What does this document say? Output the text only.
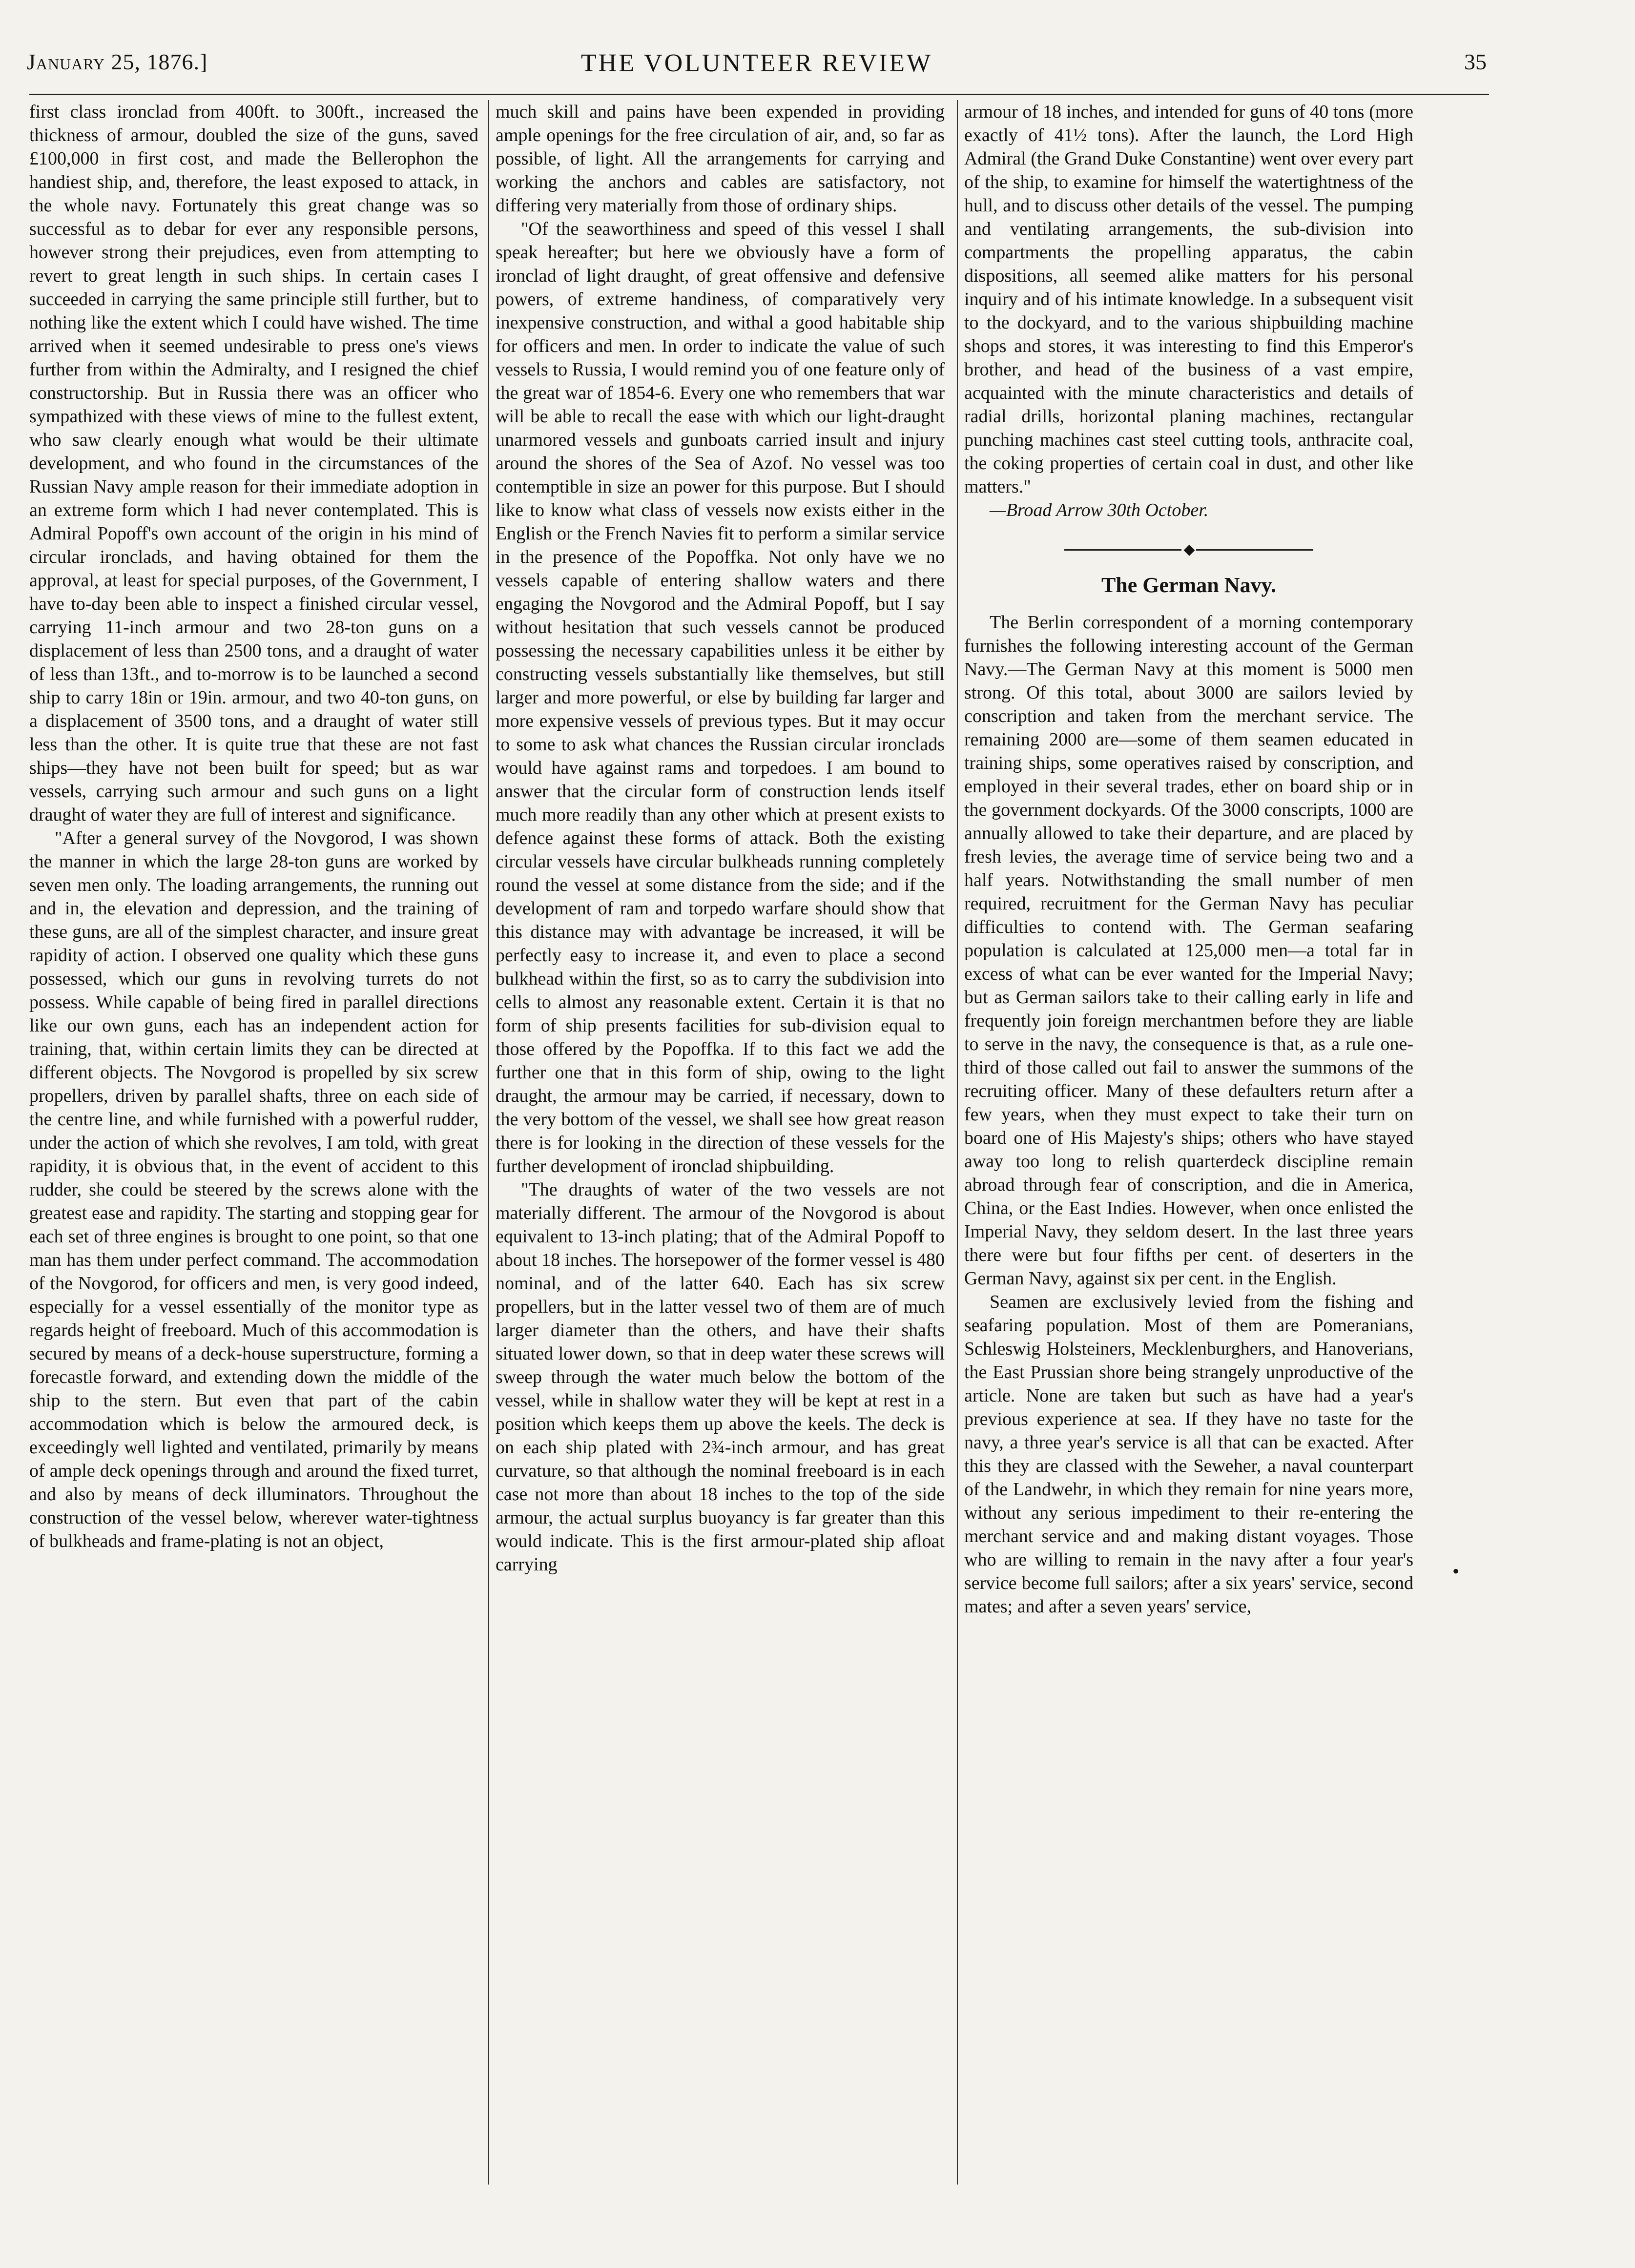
January 25, 1876.]	THE VOLUNTEER REVIEW	35

first class ironclad from 400ft. to 300ft., increased the thickness of armour, doubled the size of the guns, saved £100,000 in first cost, and made the Bellerophon the handiest ship, and, therefore, the least exposed to attack, in the whole navy. Fortunately this great change was so successful as to debar for ever any responsible persons, however strong their prejudices, even from attempting to revert to great length in such ships. In certain cases I succeeded in carrying the same principle still further, but to nothing like the extent which I could have wished. The time arrived when it seemed undesirable to press one's views further from within the Admiralty, and I resigned the chief constructorship. But in Russia there was an officer who sympathized with these views of mine to the fullest extent, who saw clearly enough what would be their ultimate development, and who found in the circumstances of the Russian Navy ample reason for their immediate adoption in an extreme form which I had never contemplated. This is Admiral Popoff's own account of the origin in his mind of circular ironclads, and having obtained for them the approval, at least for special purposes, of the Government, I have to-day been able to inspect a finished circular vessel, carrying 11-inch armour and two 28-ton guns on a displacement of less than 2500 tons, and a draught of water of less than 13ft., and to-morrow is to be launched a second ship to carry 18in or 19in. armour, and two 40-ton guns, on a displacement of 3500 tons, and a draught of water still less than the other. It is quite true that these are not fast ships—they have not been built for speed; but as war vessels, carrying such armour and such guns on a light draught of water they are full of interest and significance.

"After a general survey of the Novgorod, I was shown the manner in which the large 28-ton guns are worked by seven men only. The loading arrangements, the running out and in, the elevation and depression, and the training of these guns, are all of the simplest character, and insure great rapidity of action. I observed one quality which these guns possessed, which our guns in revolving turrets do not possess. While capable of being fired in parallel directions like our own guns, each has an independent action for training, that, within certain limits they can be directed at different objects. The Novgorod is propelled by six screw propellers, driven by parallel shafts, three on each side of the centre line, and while furnished with a powerful rudder, under the action of which she revolves, I am told, with great rapidity, it is obvious that, in the event of accident to this rudder, she could be steered by the screws alone with the greatest ease and rapidity. The starting and stopping gear for each set of three engines is brought to one point, so that one man has them under perfect command. The accommodation of the Novgorod, for officers and men, is very good indeed, especially for a vessel essentially of the monitor type as regards height of freeboard. Much of this accommodation is secured by means of a deck-house superstructure, forming a forecastle forward, and extending down the middle of the ship to the stern. But even that part of the cabin accommodation which is below the armoured deck, is exceedingly well lighted and ventilated, primarily by means of ample deck openings through and around the fixed turret, and also by means of deck illuminators. Throughout the construction of the vessel below, wherever water-tightness of bulkheads and frame-plating is not an object,

much skill and pains have been expended in providing ample openings for the free circulation of air, and, so far as possible, of light. All the arrangements for carrying and working the anchors and cables are satisfactory, not differing very materially from those of ordinary ships.

"Of the seaworthiness and speed of this vessel I shall speak hereafter; but here we obviously have a form of ironclad of light draught, of great offensive and defensive powers, of extreme handiness, of comparatively very inexpensive construction, and withal a good habitable ship for officers and men. In order to indicate the value of such vessels to Russia, I would remind you of one feature only of the great war of 1854-6. Every one who remembers that war will be able to recall the ease with which our light-draught unarmored vessels and gunboats carried insult and injury around the shores of the Sea of Azof. No vessel was too contemptible in size an power for this purpose. But I should like to know what class of vessels now exists either in the English or the French Navies fit to perform a similar service in the presence of the Popoffka. Not only have we no vessels capable of entering shallow waters and there engaging the Novgorod and the Admiral Popoff, but I say without hesitation that such vessels cannot be produced possessing the necessary capabilities unless it be either by constructing vessels substantially like themselves, but still larger and more powerful, or else by building far larger and more expensive vessels of previous types. But it may occur to some to ask what chances the Russian circular ironclads would have against rams and torpedoes. I am bound to answer that the circular form of construction lends itself much more readily than any other which at present exists to defence against these forms of attack. Both the existing circular vessels have circular bulkheads running completely round the vessel at some distance from the side; and if the development of ram and torpedo warfare should show that this distance may with advantage be increased, it will be perfectly easy to increase it, and even to place a second bulkhead within the first, so as to carry the subdivision into cells to almost any reasonable extent. Certain it is that no form of ship presents facilities for sub-division equal to those offered by the Popoffka. If to this fact we add the further one that in this form of ship, owing to the light draught, the armour may be carried, if necessary, down to the very bottom of the vessel, we shall see how great reason there is for looking in the direction of these vessels for the further development of ironclad shipbuilding.

"The draughts of water of the two vessels are not materially different. The armour of the Novgorod is about equivalent to 13-inch plating; that of the Admiral Popoff to about 18 inches. The horsepower of the former vessel is 480 nominal, and of the latter 640. Each has six screw propellers, but in the latter vessel two of them are of much larger diameter than the others, and have their shafts situated lower down, so that in deep water these screws will sweep through the water much below the bottom of the vessel, while in shallow water they will be kept at rest in a position which keeps them up above the keels. The deck is on each ship plated with 2¾-inch armour, and has great curvature, so that although the nominal freeboard is in each case not more than about 18 inches to the top of the side armour, the actual surplus buoyancy is far greater than this would indicate. This is the first armour-plated ship afloat carrying

armour of 18 inches, and intended for guns of 40 tons (more exactly of 41½ tons). After the launch, the Lord High Admiral (the Grand Duke Constantine) went over every part of the ship, to examine for himself the watertightness of the hull, and to discuss other details of the vessel. The pumping and ventilating arrangements, the sub-division into compartments the propelling apparatus, the cabin dispositions, all seemed alike matters for his personal inquiry and of his intimate knowledge. In a subsequent visit to the dockyard, and to the various shipbuilding machine shops and stores, it was interesting to find this Emperor's brother, and head of the business of a vast empire, acquainted with the minute characteristics and details of radial drills, horizontal planing machines, rectangular punching machines cast steel cutting tools, anthracite coal, the coking properties of certain coal in dust, and other like matters."

—Broad Arrow 30th October.

◆
The German Navy.

The Berlin correspondent of a morning contemporary furnishes the following interesting account of the German Navy.—The German Navy at this moment is 5000 men strong. Of this total, about 3000 are sailors levied by conscription and taken from the merchant service. The remaining 2000 are—some of them seamen educated in training ships, some operatives raised by conscription, and employed in their several trades, ether on board ship or in the government dockyards. Of the 3000 conscripts, 1000 are annually allowed to take their departure, and are placed by fresh levies, the average time of service being two and a half years. Notwithstanding the small number of men required, recruitment for the German Navy has peculiar difficulties to contend with. The German seafaring population is calculated at 125,000 men—a total far in excess of what can be ever wanted for the Imperial Navy; but as German sailors take to their calling early in life and frequently join foreign merchantmen before they are liable to serve in the navy, the consequence is that, as a rule one-third of those called out fail to answer the summons of the recruiting officer. Many of these defaulters return after a few years, when they must expect to take their turn on board one of His Majesty's ships; others who have stayed away too long to relish quarterdeck discipline remain abroad through fear of conscription, and die in America, China, or the East Indies. However, when once enlisted the Imperial Navy, they seldom desert. In the last three years there were but four fifths per cent. of deserters in the German Navy, against six per cent. in the English.

Seamen are exclusively levied from the fishing and seafaring population. Most of them are Pomeranians, Schleswig Holsteiners, Mecklenburghers, and Hanoverians, the East Prussian shore being strangely unproductive of the article. None are taken but such as have had a year's previous experience at sea. If they have no taste for the navy, a three year's service is all that can be exacted. After this they are classed with the Seweher, a naval counterpart of the Landwehr, in which they remain for nine years more, without any serious impediment to their re-entering the merchant service and and making distant voyages. Those who are willing to remain in the navy after a four year's service become full sailors; after a six years' service, second mates; and after a seven years' service,

•
